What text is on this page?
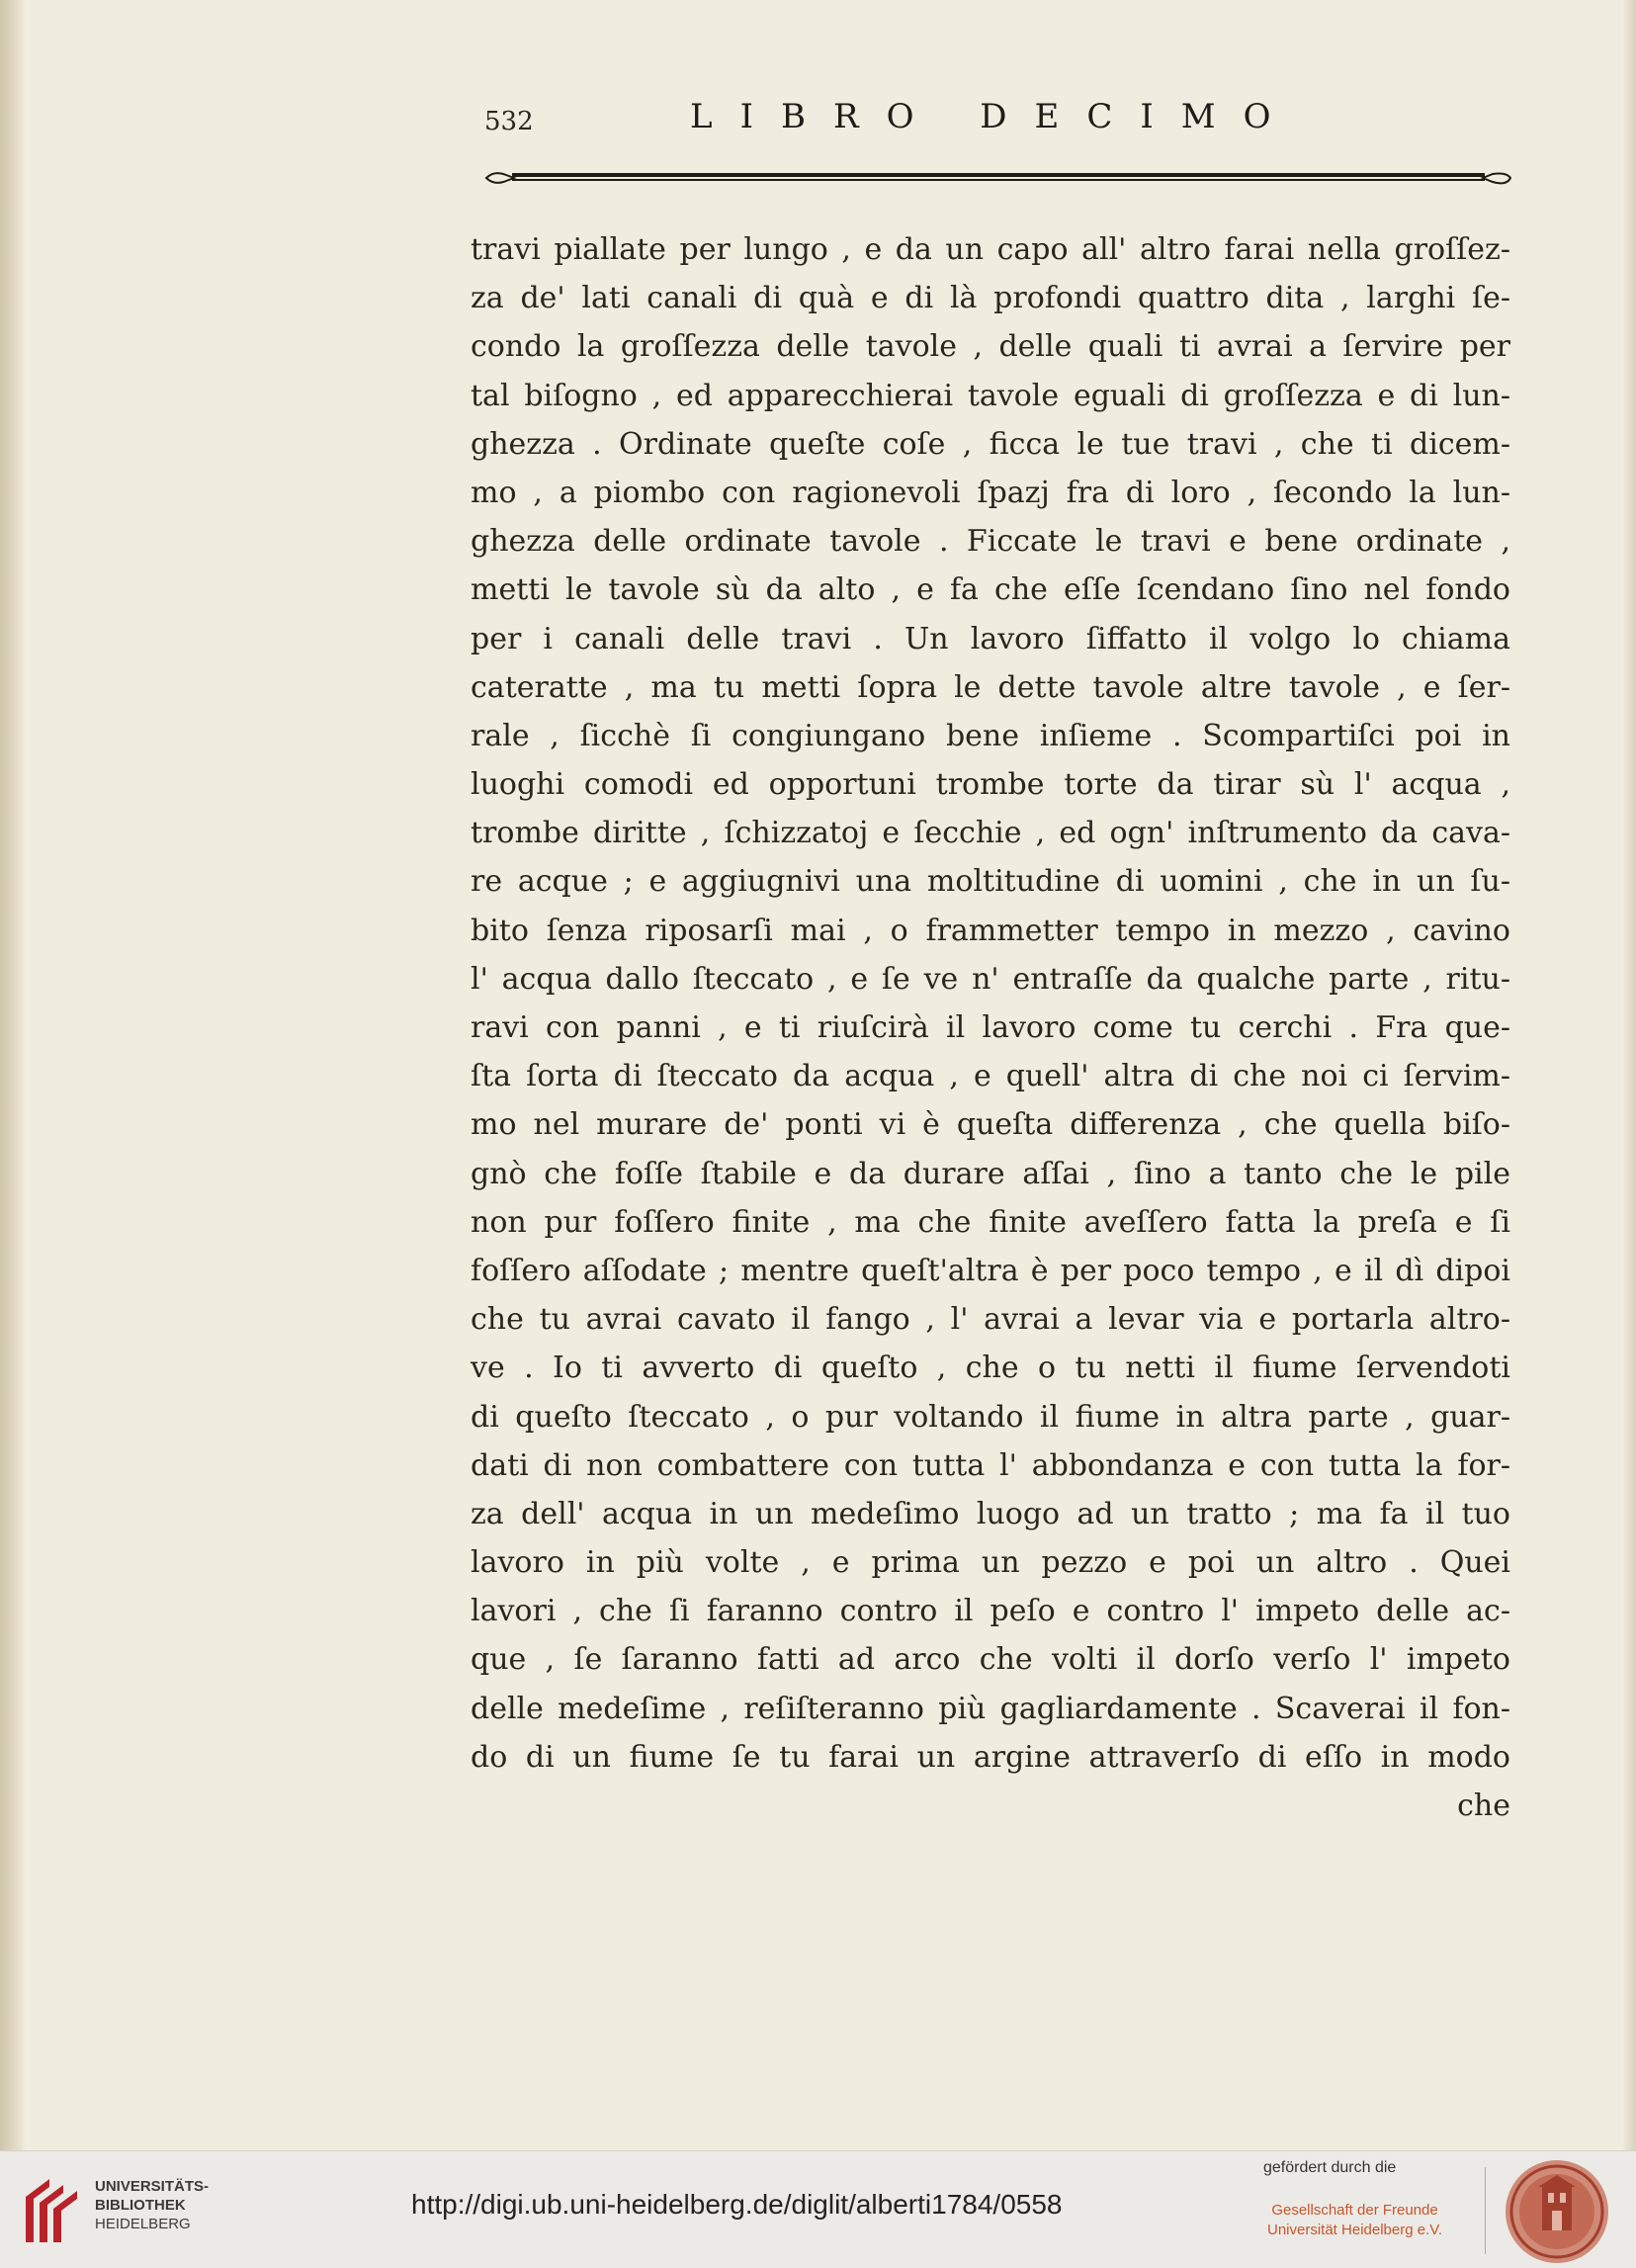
532	LIBRO DECIMO
travi piallate per lungo , e da un capo all' altro farai nella groſſez-
za de' lati canali di quà e di là profondi quattro dita , larghi ſe-
condo la groſſezza delle tavole , delle quali ti avrai a ſervire per
tal biſogno , ed apparecchierai tavole eguali di groſſezza e di lun-
ghezza . Ordinate queſte coſe , ficca le tue travi , che ti dicem-
mo , a piombo con ragionevoli ſpazj fra di loro , ſecondo la lun-
ghezza delle ordinate tavole . Ficcate le travi e bene ordinate ,
metti le tavole sù da alto , e fa che eſſe ſcendano ſino nel fondo
per i canali delle travi . Un lavoro ſiffatto il volgo lo chiama
cateratte , ma tu metti ſopra le dette tavole altre tavole , e ſer-
rale , ſicchè ſi congiungano bene inſieme . Scompartiſci poi in
luoghi comodi ed opportuni trombe torte da tirar sù l' acqua ,
trombe diritte , ſchizzatoj e ſecchie , ed ogn' inſtrumento da cava-
re acque ; e aggiugnivi una moltitudine di uomini , che in un ſu-
bito ſenza riposarſi mai , o frammetter tempo in mezzo , cavino
l' acqua dallo ſteccato , e ſe ve n' entraſſe da qualche parte , ritu-
ravi con panni , e ti riuſcirà il lavoro come tu cerchi . Fra que-
ſta ſorta di ſteccato da acqua , e quell' altra di che noi ci ſervim-
mo nel murare de' ponti vi è queſta differenza , che quella biſo-
gnò che foſſe ſtabile e da durare aſſai , ſino a tanto che le pile
non pur foſſero finite , ma che finite aveſſero fatta la preſa e ſi
foſſero aſſodate ; mentre queſt'altra è per poco tempo , e il dì dipoi
che tu avrai cavato il fango , l' avrai a levar via e portarla altro-
ve . Io ti avverto di queſto , che o tu netti il fiume ſervendoti
di queſto ſteccato , o pur voltando il fiume in altra parte , guar-
dati di non combattere con tutta l' abbondanza e con tutta la for-
za dell' acqua in un medeſimo luogo ad un tratto ; ma fa il tuo
lavoro in più volte , e prima un pezzo e poi un altro . Quei
lavori , che ſi faranno contro il peſo e contro l' impeto delle ac-
que , ſe ſaranno fatti ad arco che volti il dorſo verſo l' impeto
delle medeſime , reſiſteranno più gagliardamente . Scaverai il fon-
do di un fiume ſe tu farai un argine attraverſo di eſſo in modo
che
UNIVERSITÄTS-
BIBLIOTHEK
HEIDELBERG
http://digi.ub.uni-heidelberg.de/diglit/alberti1784/0558
gefördert durch die
Gesellschaft der Freunde
Universität Heidelberg e.V.
